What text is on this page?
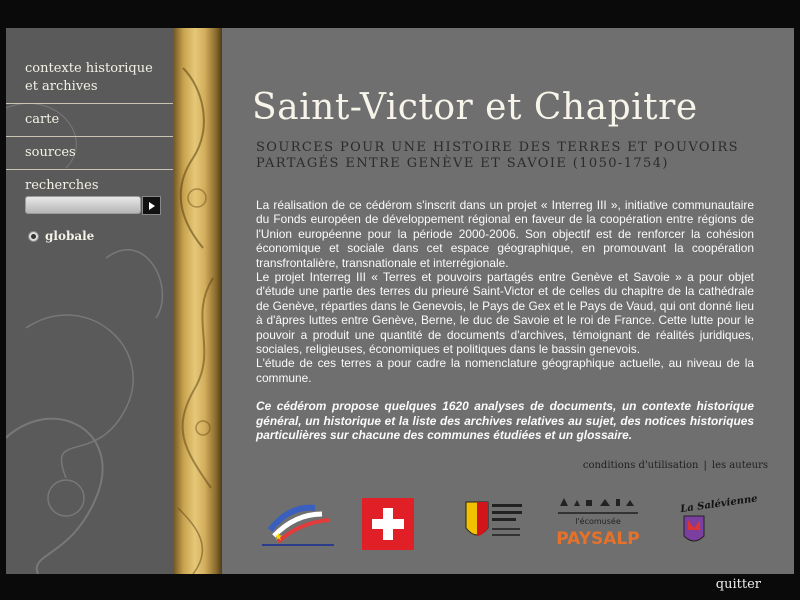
contexte historique
et archives
carte
sources
recherches
globale
Saint-Victor et Chapitre
SOURCES POUR UNE HISTOIRE DES TERRES ET POUVOIRS
PARTAGÉS ENTRE GENÈVE ET SAVOIE (1050-1754)

La réalisation de ce cédérom s'inscrit dans un projet « Interreg III », initiative communautaire du Fonds européen de développement régional en faveur de la coopération entre régions de l'Union européenne pour la période 2000-2006. Son objectif est de renforcer la cohésion économique et sociale dans cet espace géographique, en promouvant la coopération transfrontalière, transnationale et interrégionale.

Le projet Interreg III « Terres et pouvoirs partagés entre Genève et Savoie » a pour objet d'étude une partie des terres du prieuré Saint-Victor et de celles du chapitre de la cathédrale de Genève, réparties dans le Genevois, le Pays de Gex et le Pays de Vaud, qui ont donné lieu à d'âpres luttes entre Genève, Berne, le duc de Savoie et le roi de France. Cette lutte pour le pouvoir a produit une quantité de documents d'archives, témoignant de réalités juridiques, sociales, religieuses, économiques et politiques dans le bassin genevois.

L'étude de ces terres a pour cadre la nomenclature géographique actuelle, au niveau de la commune.

Ce cédérom propose quelques 1620 analyses de documents, un contexte historique général, un historique et la liste des archives relatives au sujet, des notices historiques particulières sur chacune des communes étudiées et un glossaire.

conditions d'utilisation | les auteurs
★
l'écomusée
PAYSALP
La Salévienne
quitter
